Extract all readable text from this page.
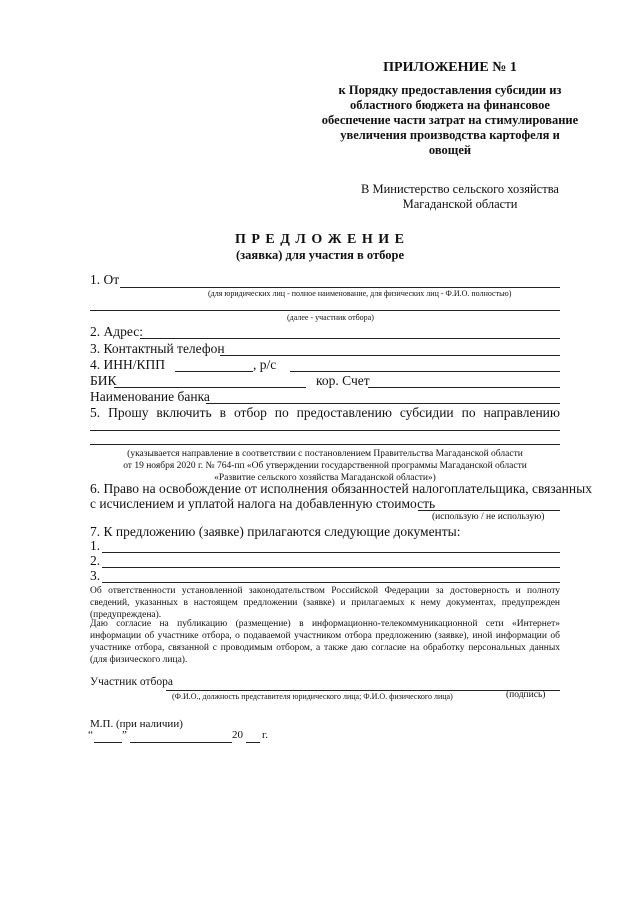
ПРИЛОЖЕНИЕ № 1
к Порядку предоставления субсидии из
областного бюджета на финансовое
обеспечение части затрат на стимулирование
увеличения производства картофеля и
овощей
В Министерство сельского хозяйства
Магаданской области
П Р Е Д Л О Ж Е Н И Е
(заявка) для участия в отборе
1. От
(для юридических лиц - полное наименование, для физических лиц - Ф.И.О. полностью)
(далее - участник отбора)
2. Адрес:
3. Контактный телефон
4. ИНН/КПП	, р/с
БИК	кор. Счет
Наименование банка
5. Прошу включить в отбор по предоставлению субсидии по направлению
(указывается направление в соответствии с постановлением Правительства Магаданской области
от 19 ноября 2020 г. № 764-пп «Об утверждении государственной программы Магаданской области
«Развитие сельского хозяйства Магаданской области»)
6. Право на освобождение от исполнения обязанностей налогоплательщика, связанных
с исчислением и уплатой налога на добавленную стоимость
(использую / не использую)
7. К предложению (заявке) прилагаются следующие документы:
1.
2.
3.
Об ответственности установленной законодательством Российской Федерации за достоверность и полноту сведений, указанных в настоящем предложении (заявке) и прилагаемых к нему документах, предупрежден (предупреждена).
Даю согласие на публикацию (размещение) в информационно-телекоммуникационной сети «Интернет» информации об участнике отбора, о подаваемой участником отбора предложению (заявке), иной информации об участнике отбора, связанной с проводимым отбором, а также даю согласие на обработку персональных данных (для физического лица).
Участник отбора
(Ф.И.О., должность представителя юридического лица; Ф.И.О. физического лица)	(подпись)
М.П. (при наличии)
“	”	20 г.
